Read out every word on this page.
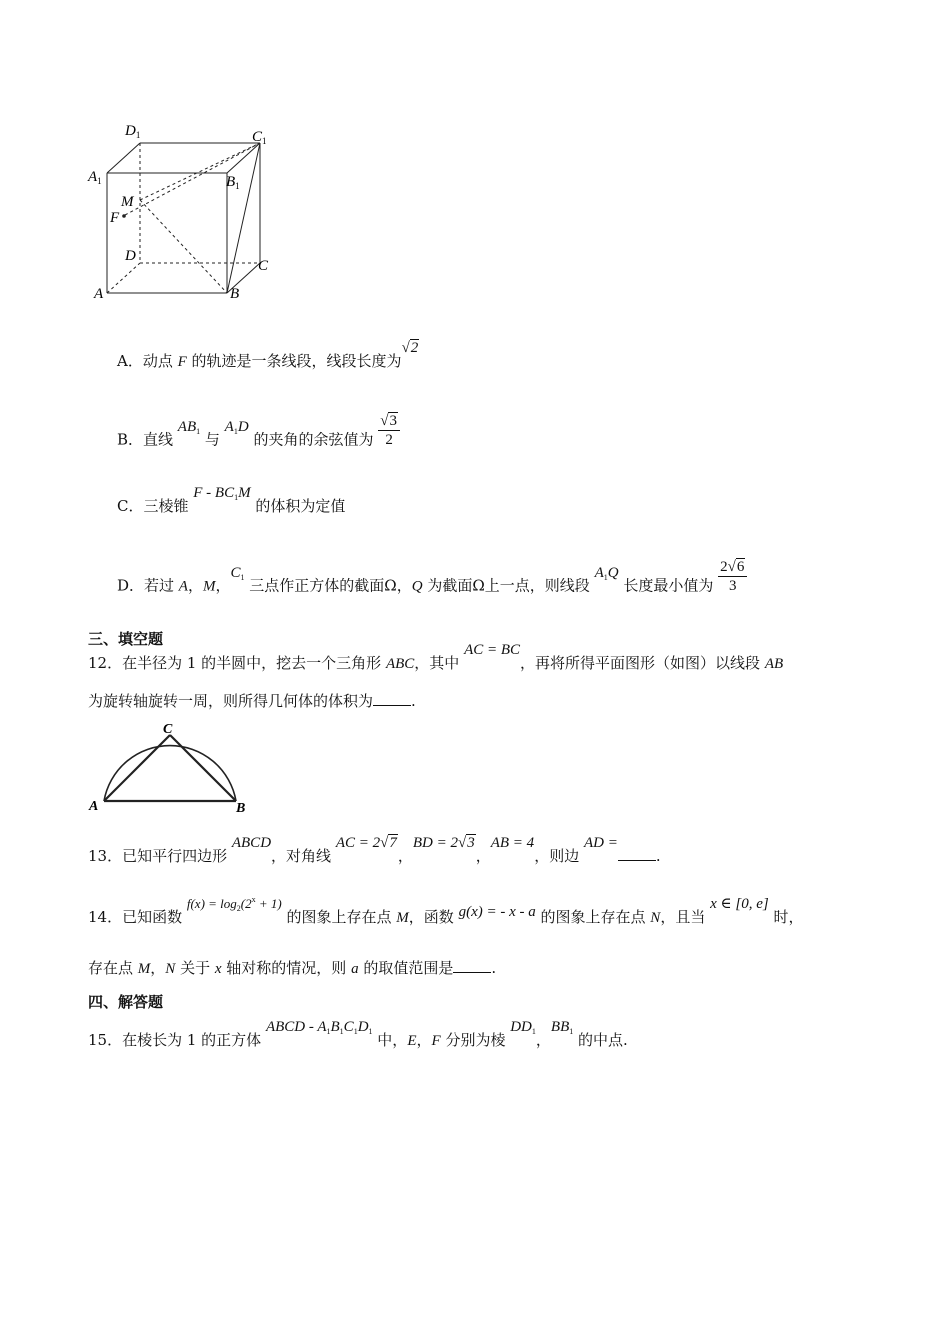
$D_1$	$C_1$
$A_1$	$B_1$
M
F
D
C
A	B
A．动点 F 的轨迹是一条线段，线段长度为√2
B．直线 $AB_1$ 与 $A_1D$ 的夹角的余弦值为 $\frac{√3}{2}$
C．三棱锥 F - $BC_1M$ 的体积为定值
D．若过 A，M，$C_1$ 三点作正方体的截面Ω，Q 为截面Ω上一点，则线段 $A_1Q$ 长度最小值为 $\frac{2√6}{3}$
三、填空题
12．在半径为 1 的半圆中，挖去一个三角形 ABC，其中 AC = BC，再将所得平面图形（如图）以线段 AB
为旋转轴旋转一周，则所得几何体的体积为	.
A	B
C
13．已知平行四边形 ABCD，对角线 AC = 2√7，BD = 2√3，AB = 4，则边 AD =.
14．已知函数 $f(x) = \log_2(2^x + 1)$ 的图象上存在点 M，函数 g(x) = - x - a 的图象上存在点 N，且当 x ∈ [0, e] 时，
存在点 M，N 关于 x 轴对称的情况，则 a 的取值范围是	.
四、解答题
15．在棱长为 1 的正方体 ABCD - $A_1B_1C_1D_1$ 中，E，F 分别为棱 $DD_1$，$BB_1$ 的中点.
